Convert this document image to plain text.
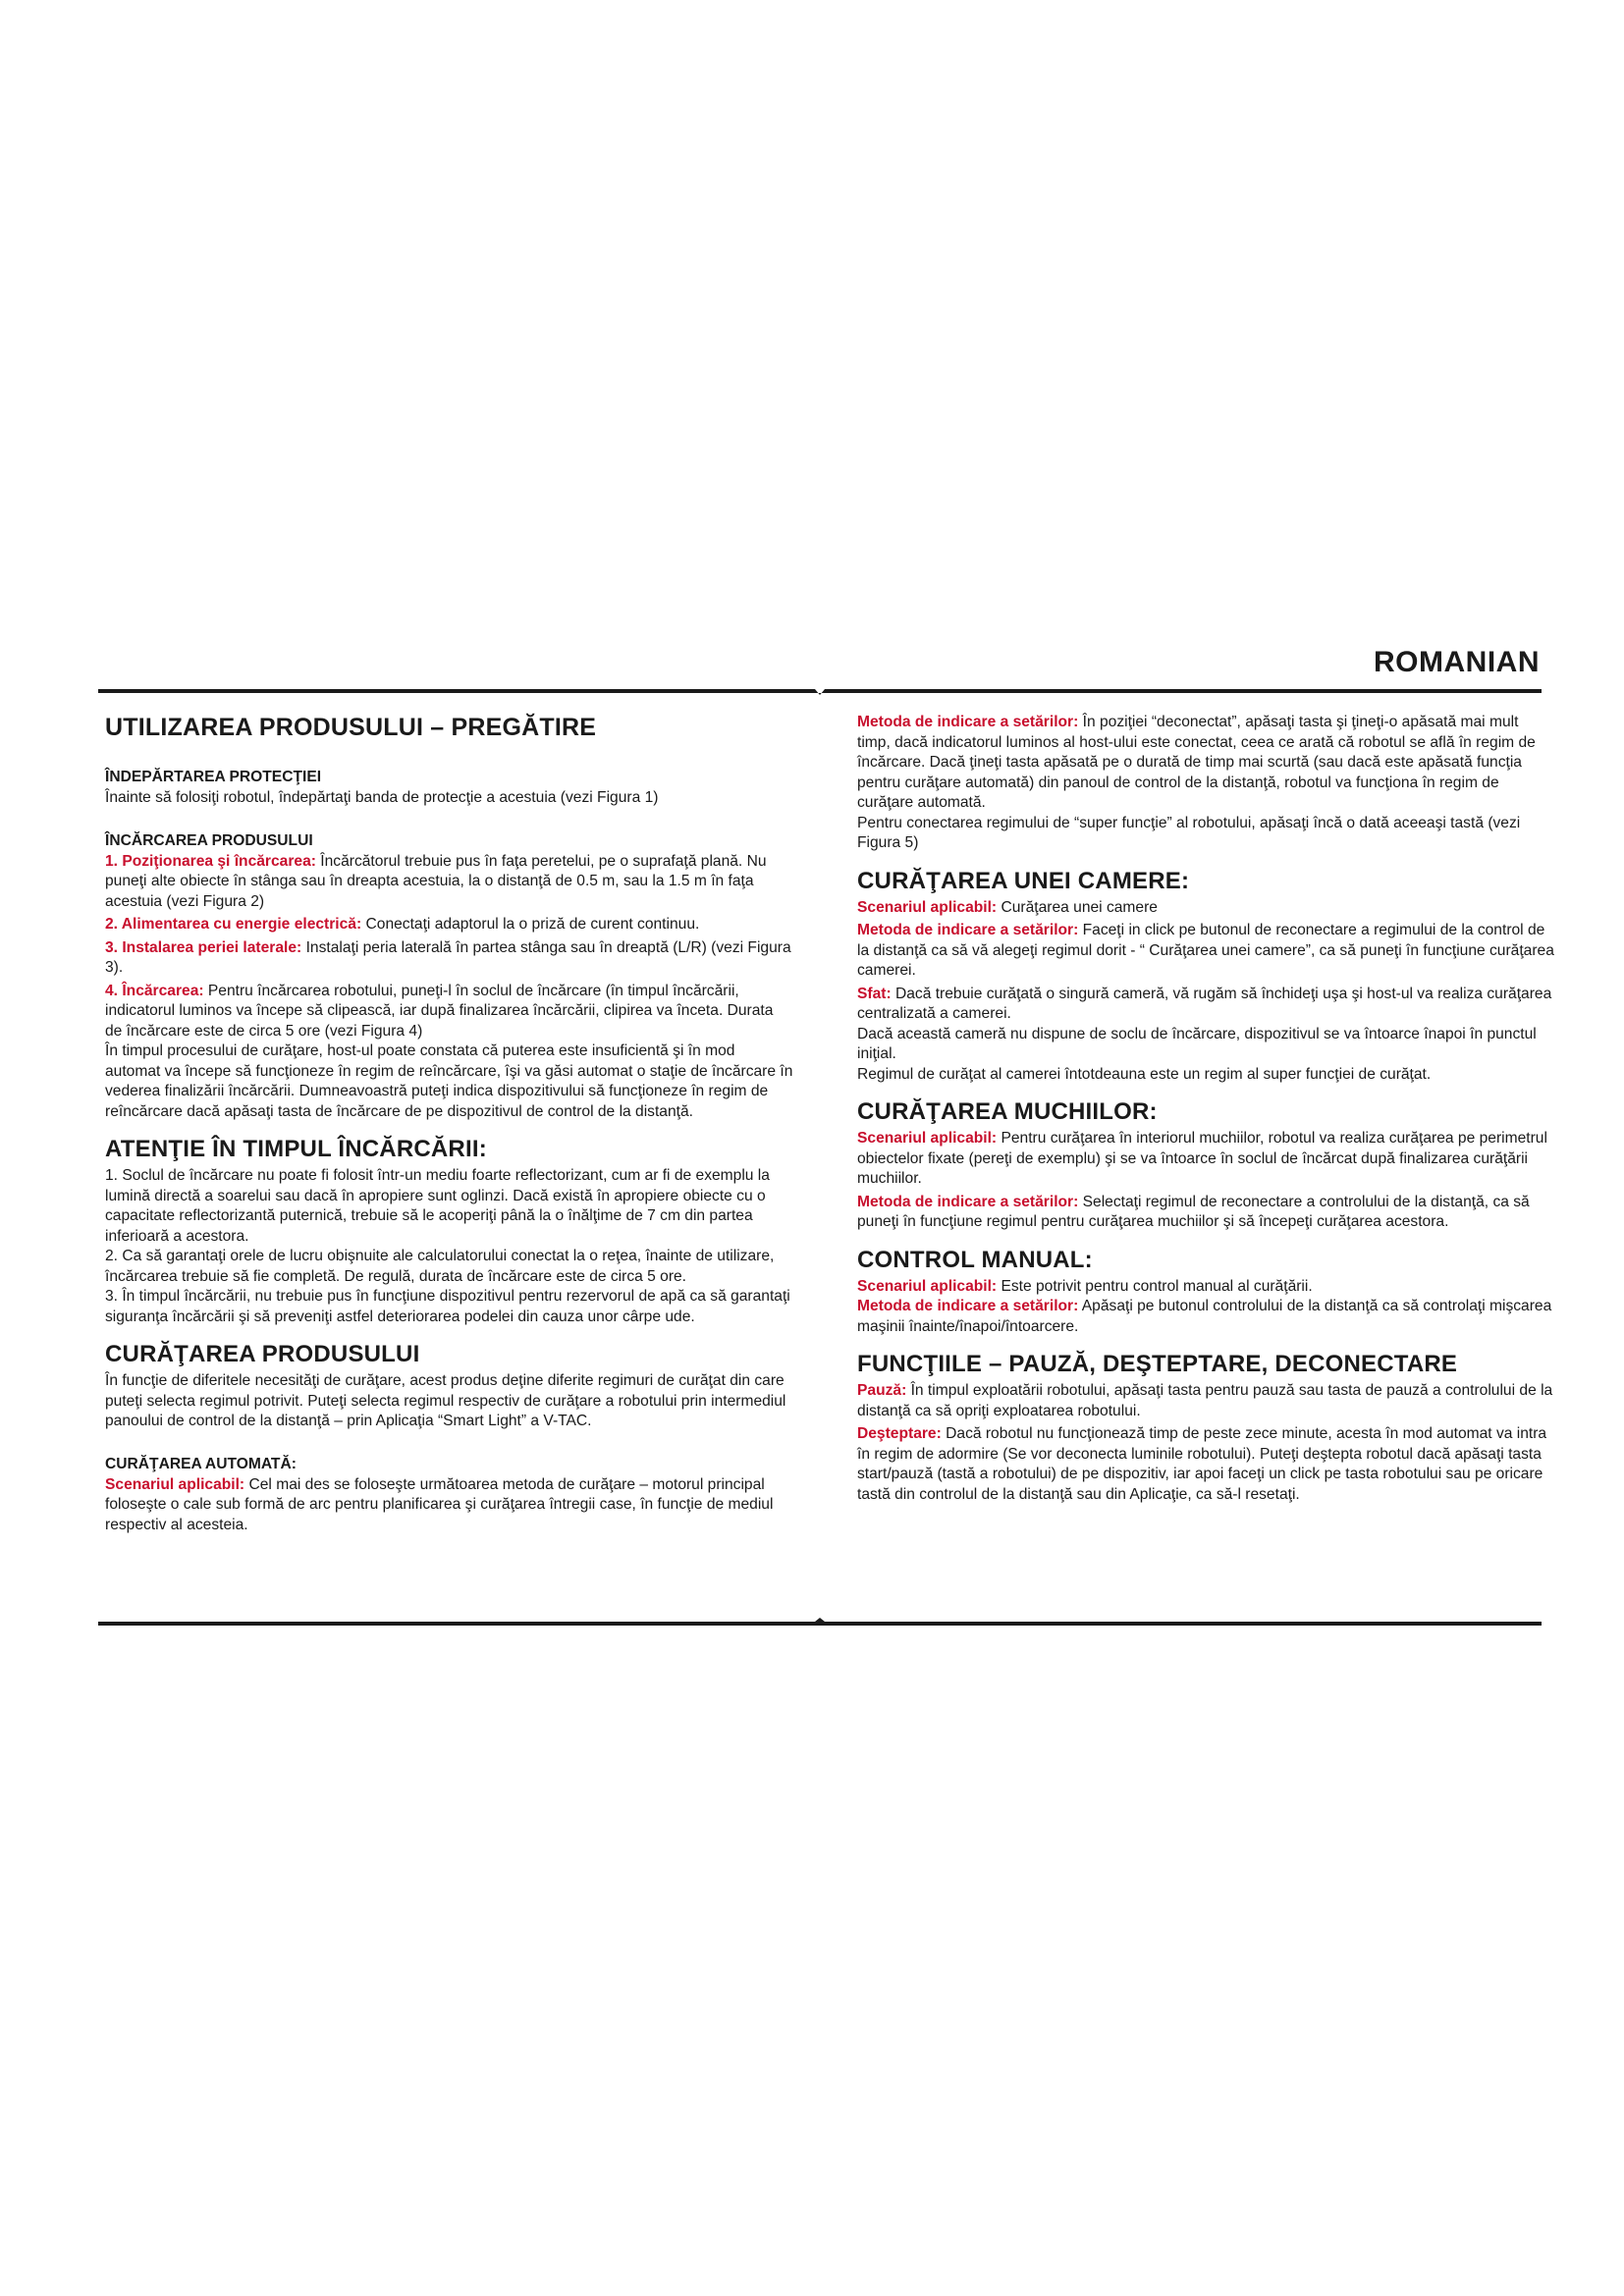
ROMANIAN
UTILIZAREA PRODUSULUI – PREGĂTIRE
ÎNDEPĂRTAREA PROTECŢIEI

Înainte să folosiţi robotul, îndepărtaţi banda de protecţie a acestuia (vezi Figura 1)

ÎNCĂRCAREA PRODUSULUI

1. Poziţionarea şi încărcarea: Încărcătorul trebuie pus în faţa peretelui, pe o suprafaţă plană. Nu puneţi alte obiecte în stânga sau în dreapta acestuia, la o distanţă de 0.5 m, sau la 1.5 m în faţa acestuia (vezi Figura 2)

2. Alimentarea cu energie electrică: Conectaţi adaptorul la o priză de curent continuu.

3. Instalarea periei laterale: Instalaţi peria laterală în partea stânga sau în dreaptă (L/R) (vezi Figura 3).

4. Încărcarea: Pentru încărcarea robotului, puneţi-l în soclul de încărcare (în timpul încărcării, indicatorul luminos va începe să clipească, iar după finalizarea încărcării, clipirea va înceta. Durata de încărcare este de circa 5 ore (vezi Figura 4)

În timpul procesului de curăţare, host-ul poate constata că puterea este insuficientă şi în mod automat va începe să funcţioneze în regim de reîncărcare, îşi va găsi automat o staţie de încărcare în vederea finalizării încărcării. Dumneavoastră puteţi indica dispozitivului să funcţioneze în regim de reîncărcare dacă apăsaţi tasta de încărcare de pe dispozitivul de control de la distanţă.

ATENŢIE ÎN TIMPUL ÎNCĂRCĂRII:

1. Soclul de încărcare nu poate fi folosit într-un mediu foarte reflectorizant, cum ar fi de exemplu la lumină directă a soarelui sau dacă în apropiere sunt oglinzi. Dacă există în apropiere obiecte cu o capacitate reflectorizantă puternică, trebuie să le acoperiţi până la o înălţime de 7 cm din partea inferioară a acestora.

2. Ca să garantaţi orele de lucru obişnuite ale calculatorului conectat la o reţea, înainte de utilizare, încărcarea trebuie să fie completă. De regulă, durata de încărcare este de circa 5 ore.

3. În timpul încărcării, nu trebuie pus în funcţiune dispozitivul pentru rezervorul de apă ca să garantaţi siguranţa încărcării şi să preveniţi astfel deteriorarea podelei din cauza unor cârpe ude.

CURĂŢAREA PRODUSULUI

În funcţie de diferitele necesităţi de curăţare, acest produs deţine diferite regimuri de curăţat din care puteţi selecta regimul potrivit. Puteţi selecta regimul respectiv de curăţare a robotului prin intermediul panoului de control de la distanţă – prin Aplicaţia “Smart Light” a V-TAC.

CURĂŢAREA AUTOMATĂ:

Scenariul aplicabil: Cel mai des se foloseşte următoarea metoda de curăţare – motorul principal foloseşte o cale sub formă de arc pentru planificarea şi curăţarea întregii case, în funcţie de mediul respectiv al acesteia.

Metoda de indicare a setărilor: În poziţiei “deconectat”, apăsaţi tasta şi ţineţi-o apăsată mai mult timp, dacă indicatorul luminos al host-ului este conectat, ceea ce arată că robotul se află în regim de încărcare. Dacă ţineţi tasta apăsată pe o durată de timp mai scurtă (sau dacă este apăsată funcţia pentru curăţare automată) din panoul de control de la distanţă, robotul va funcţiona în regim de curăţare automată.

Pentru conectarea regimului de “super funcţie” al robotului, apăsaţi încă o dată aceeaşi tastă (vezi Figura 5)

CURĂŢAREA UNEI CAMERE:

Scenariul aplicabil: Curăţarea unei camere

Metoda de indicare a setărilor: Faceţi in click pe butonul de reconectare a regimului de la control de la distanţă ca să vă alegeţi regimul dorit - “ Curăţarea unei camere”, ca să puneţi în funcţiune curăţarea camerei.

Sfat: Dacă trebuie curăţată o singură cameră, vă rugăm să închideţi uşa şi host-ul va realiza curăţarea centralizată a camerei.

Dacă această cameră nu dispune de soclu de încărcare, dispozitivul se va întoarce înapoi în punctul iniţial.

Regimul de curăţat al camerei întotdeauna este un regim al super funcţiei de curăţat.

CURĂŢAREA MUCHIILOR:

Scenariul aplicabil: Pentru curăţarea în interiorul muchiilor, robotul va realiza curăţarea pe perimetrul obiectelor fixate (pereţi de exemplu) şi se va întoarce în soclul de încărcat după finalizarea curăţării muchiilor.

Metoda de indicare a setărilor: Selectaţi regimul de reconectare a controlului de la distanţă, ca să puneţi în funcţiune regimul pentru curăţarea muchiilor şi să începeţi curăţarea acestora.

CONTROL MANUAL:

Scenariul aplicabil: Este potrivit pentru control manual al curăţării.

Metoda de indicare a setărilor: Apăsaţi pe butonul controlului de la distanţă ca să controlaţi mişcarea maşinii înainte/înapoi/întoarcere.

FUNCŢIILE – PAUZĂ, DEŞTEPTARE, DECONECTARE

Pauză: În timpul exploatării robotului, apăsaţi tasta pentru pauză sau tasta de pauză a controlului de la distanţă ca să opriţi exploatarea robotului.

Deşteptare: Dacă robotul nu funcţionează timp de peste zece minute, acesta în mod automat va intra în regim de adormire (Se vor deconecta luminile robotului). Puteţi deştepta robotul dacă apăsaţi tasta start/pauză (tastă a robotului) de pe dispozitiv, iar apoi faceţi un click pe tasta robotului sau pe oricare tastă din controlul de la distanţă sau din Aplicaţie, ca să-l resetaţi.
